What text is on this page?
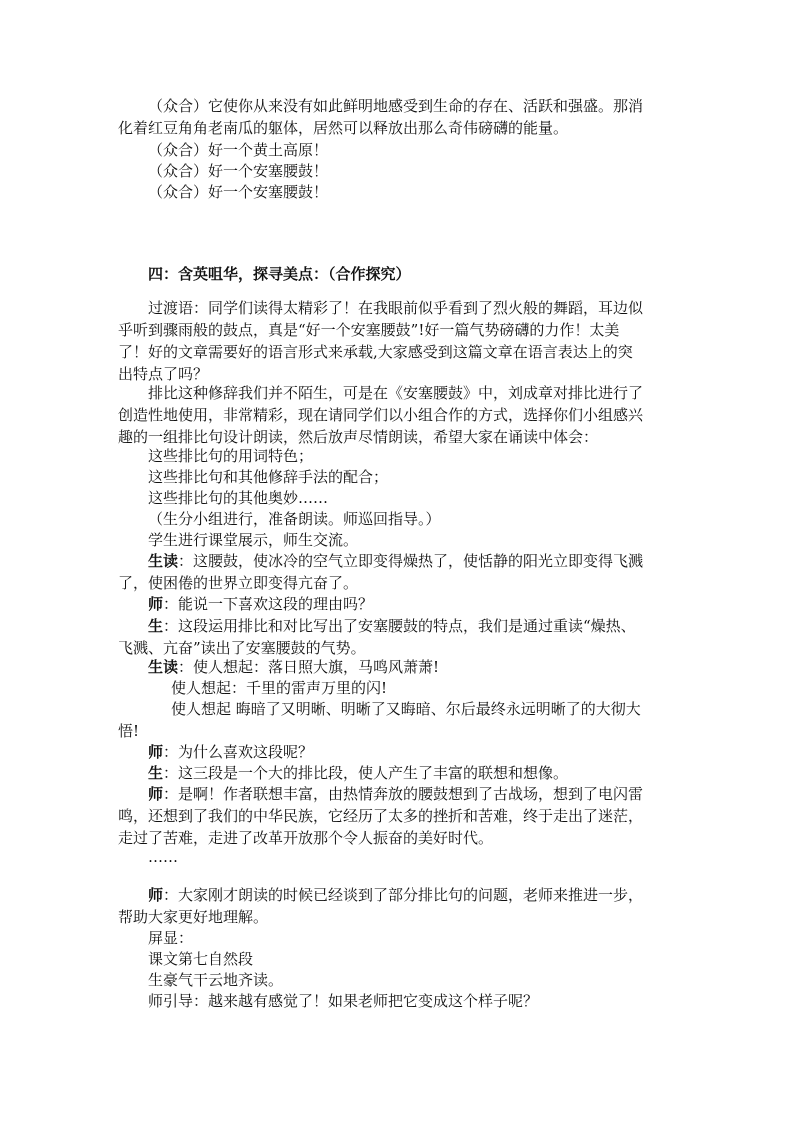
（众合）它使你从来没有如此鲜明地感受到生命的存在、活跃和强盛。那消
化着红豆角角老南瓜的躯体，居然可以释放出那么奇伟磅礴的能量。
（众合）好一个黄土高原！
（众合）好一个安塞腰鼓！
（众合）好一个安塞腰鼓！
四：含英咀华，探寻美点：（合作探究）
过渡语：同学们读得太精彩了！在我眼前似乎看到了烈火般的舞蹈，耳边似
乎听到骤雨般的鼓点，真是“好一个安塞腰鼓”!好一篇气势磅礴的力作！太美
了！好的文章需要好的语言形式来承载,大家感受到这篇文章在语言表达上的突
出特点了吗？
排比这种修辞我们并不陌生，可是在《安塞腰鼓》中，刘成章对排比进行了
创造性地使用，非常精彩，现在请同学们以小组合作的方式，选择你们小组感兴
趣的一组排比句设计朗读，然后放声尽情朗读，希望大家在诵读中体会：
这些排比句的用词特色；
这些排比句和其他修辞手法的配合；
这些排比句的其他奥妙……
（生分小组进行，准备朗读。师巡回指导。）
学生进行课堂展示，师生交流。
生读：这腰鼓，使冰冷的空气立即变得燥热了，使恬静的阳光立即变得飞溅
了，使困倦的世界立即变得亢奋了。
师：能说一下喜欢这段的理由吗？
生：这段运用排比和对比写出了安塞腰鼓的特点，我们是通过重读“燥热、
飞溅、亢奋”读出了安塞腰鼓的气势。
生读：使人想起：落日照大旗，马鸣风萧萧!
使人想起：千里的雷声万里的闪!
使人想起 晦暗了又明晰、明晰了又晦暗、尔后最终永远明晰了的大彻大
悟!
师：为什么喜欢这段呢？
生：这三段是一个大的排比段，使人产生了丰富的联想和想像。
师：是啊！作者联想丰富，由热情奔放的腰鼓想到了古战场，想到了电闪雷
鸣，还想到了我们的中华民族，它经历了太多的挫折和苦难，终于走出了迷茫，
走过了苦难，走进了改革开放那个令人振奋的美好时代。
……
师：大家刚才朗读的时候已经谈到了部分排比句的问题，老师来推进一步，
帮助大家更好地理解。
屏显：
课文第七自然段
生豪气干云地齐读。
师引导：越来越有感觉了！如果老师把它变成这个样子呢？
